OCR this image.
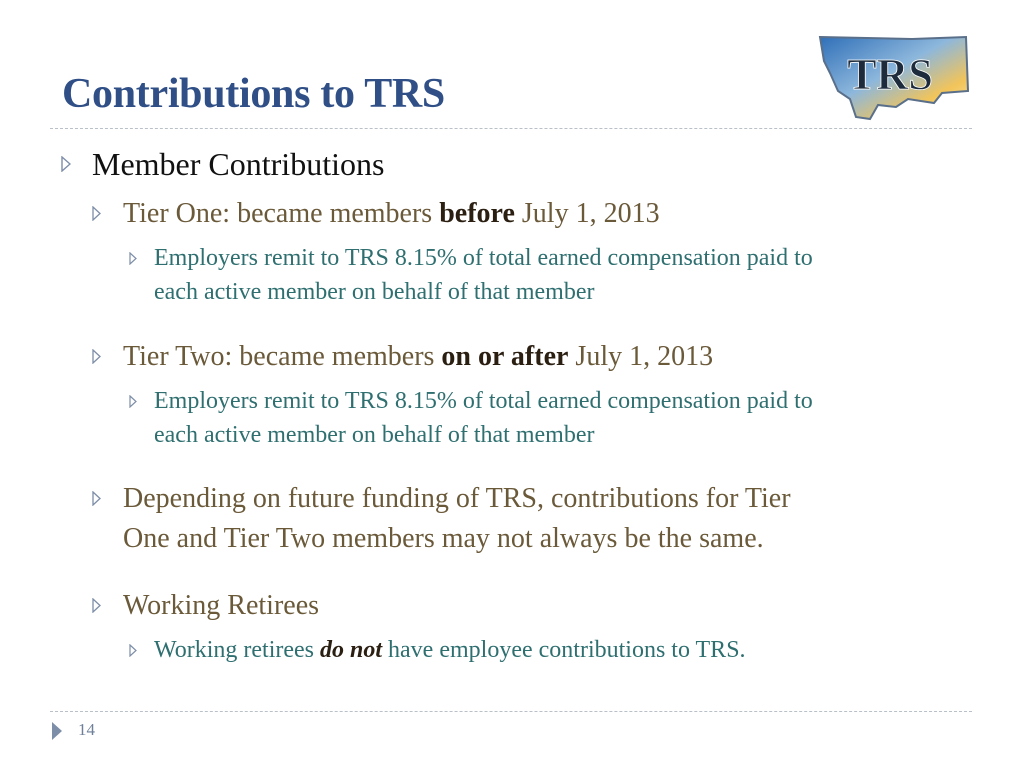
Contributions to TRS	TRS
Member Contributions
Tier One: became members before July 1, 2013
Employers remit to TRS 8.15% of total earned compensation paid to
each active member on behalf of that member
Tier Two: became members on or after July 1, 2013
Employers remit to TRS 8.15% of total earned compensation paid to
each active member on behalf of that member
Depending on future funding of TRS, contributions for Tier
One and Tier Two members may not always be the same.
Working Retirees
Working retirees do not have employee contributions to TRS.
14
